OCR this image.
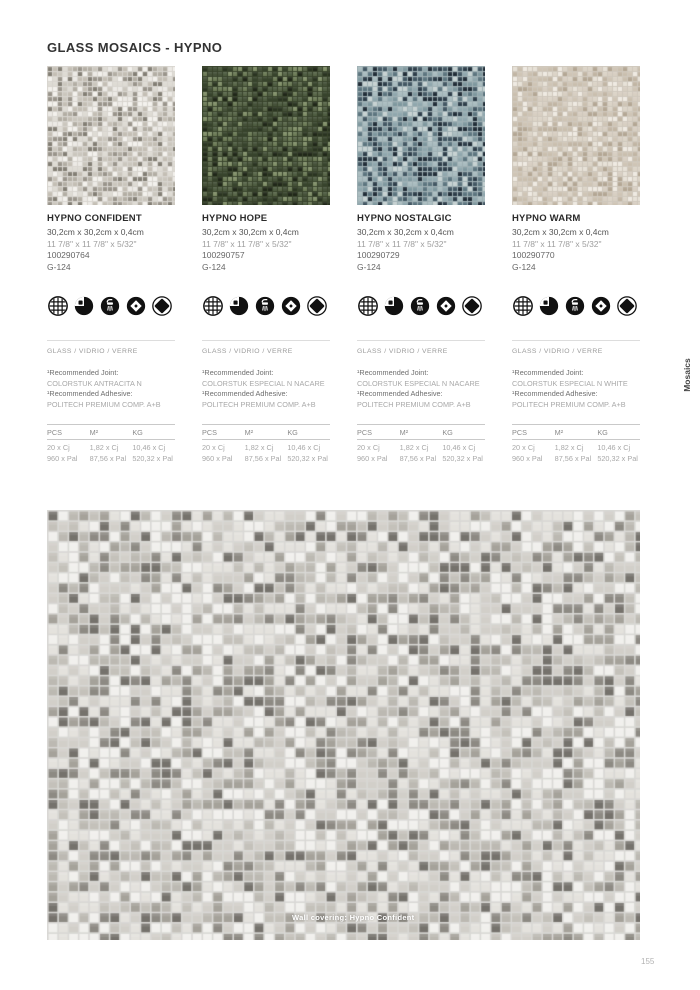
GLASS MOSAICS - HYPNO
HYPNO CONFIDENT
30,2cm x 30,2cm x 0,4cm
11 7/8" x 11 7/8" x 5/32"
100290764
G-124
GLASS / VIDRIO / VERRE
¹Recommended Joint:
COLORSTUK ANTRACITA N
¹Recommended Adhesive:
POLITECH PREMIUM COMP. A+B
PCS	M²	KG
20 x Cj	1,82 x Cj	10,46 x Cj
960 x Pal	87,56 x Pal	520,32 x Pal
HYPNO HOPE
30,2cm x 30,2cm x 0,4cm
11 7/8" x 11 7/8" x 5/32"
100290757
G-124
GLASS / VIDRIO / VERRE
¹Recommended Joint:
COLORSTUK ESPECIAL N NACARE
¹Recommended Adhesive:
POLITECH PREMIUM COMP. A+B
PCS	M²	KG
20 x Cj	1,82 x Cj	10,46 x Cj
960 x Pal	87,56 x Pal	520,32 x Pal
HYPNO NOSTALGIC
30,2cm x 30,2cm x 0,4cm
11 7/8" x 11 7/8" x 5/32"
100290729
G-124
GLASS / VIDRIO / VERRE
¹Recommended Joint:
COLORSTUK ESPECIAL N NACARE
¹Recommended Adhesive:
POLITECH PREMIUM COMP. A+B
PCS	M²	KG
20 x Cj	1,82 x Cj	10,46 x Cj
960 x Pal	87,56 x Pal	520,32 x Pal
HYPNO WARM
30,2cm x 30,2cm x 0,4cm
11 7/8" x 11 7/8" x 5/32"
100290770
G-124
GLASS / VIDRIO / VERRE
¹Recommended Joint:
COLORSTUK ESPECIAL N WHITE
¹Recommended Adhesive:
POLITECH PREMIUM COMP. A+B
PCS	M²	KG
20 x Cj	1,82 x Cj	10,46 x Cj
960 x Pal	87,56 x Pal	520,32 x Pal
Wall covering: Hypno Confident
Mosaics
155
